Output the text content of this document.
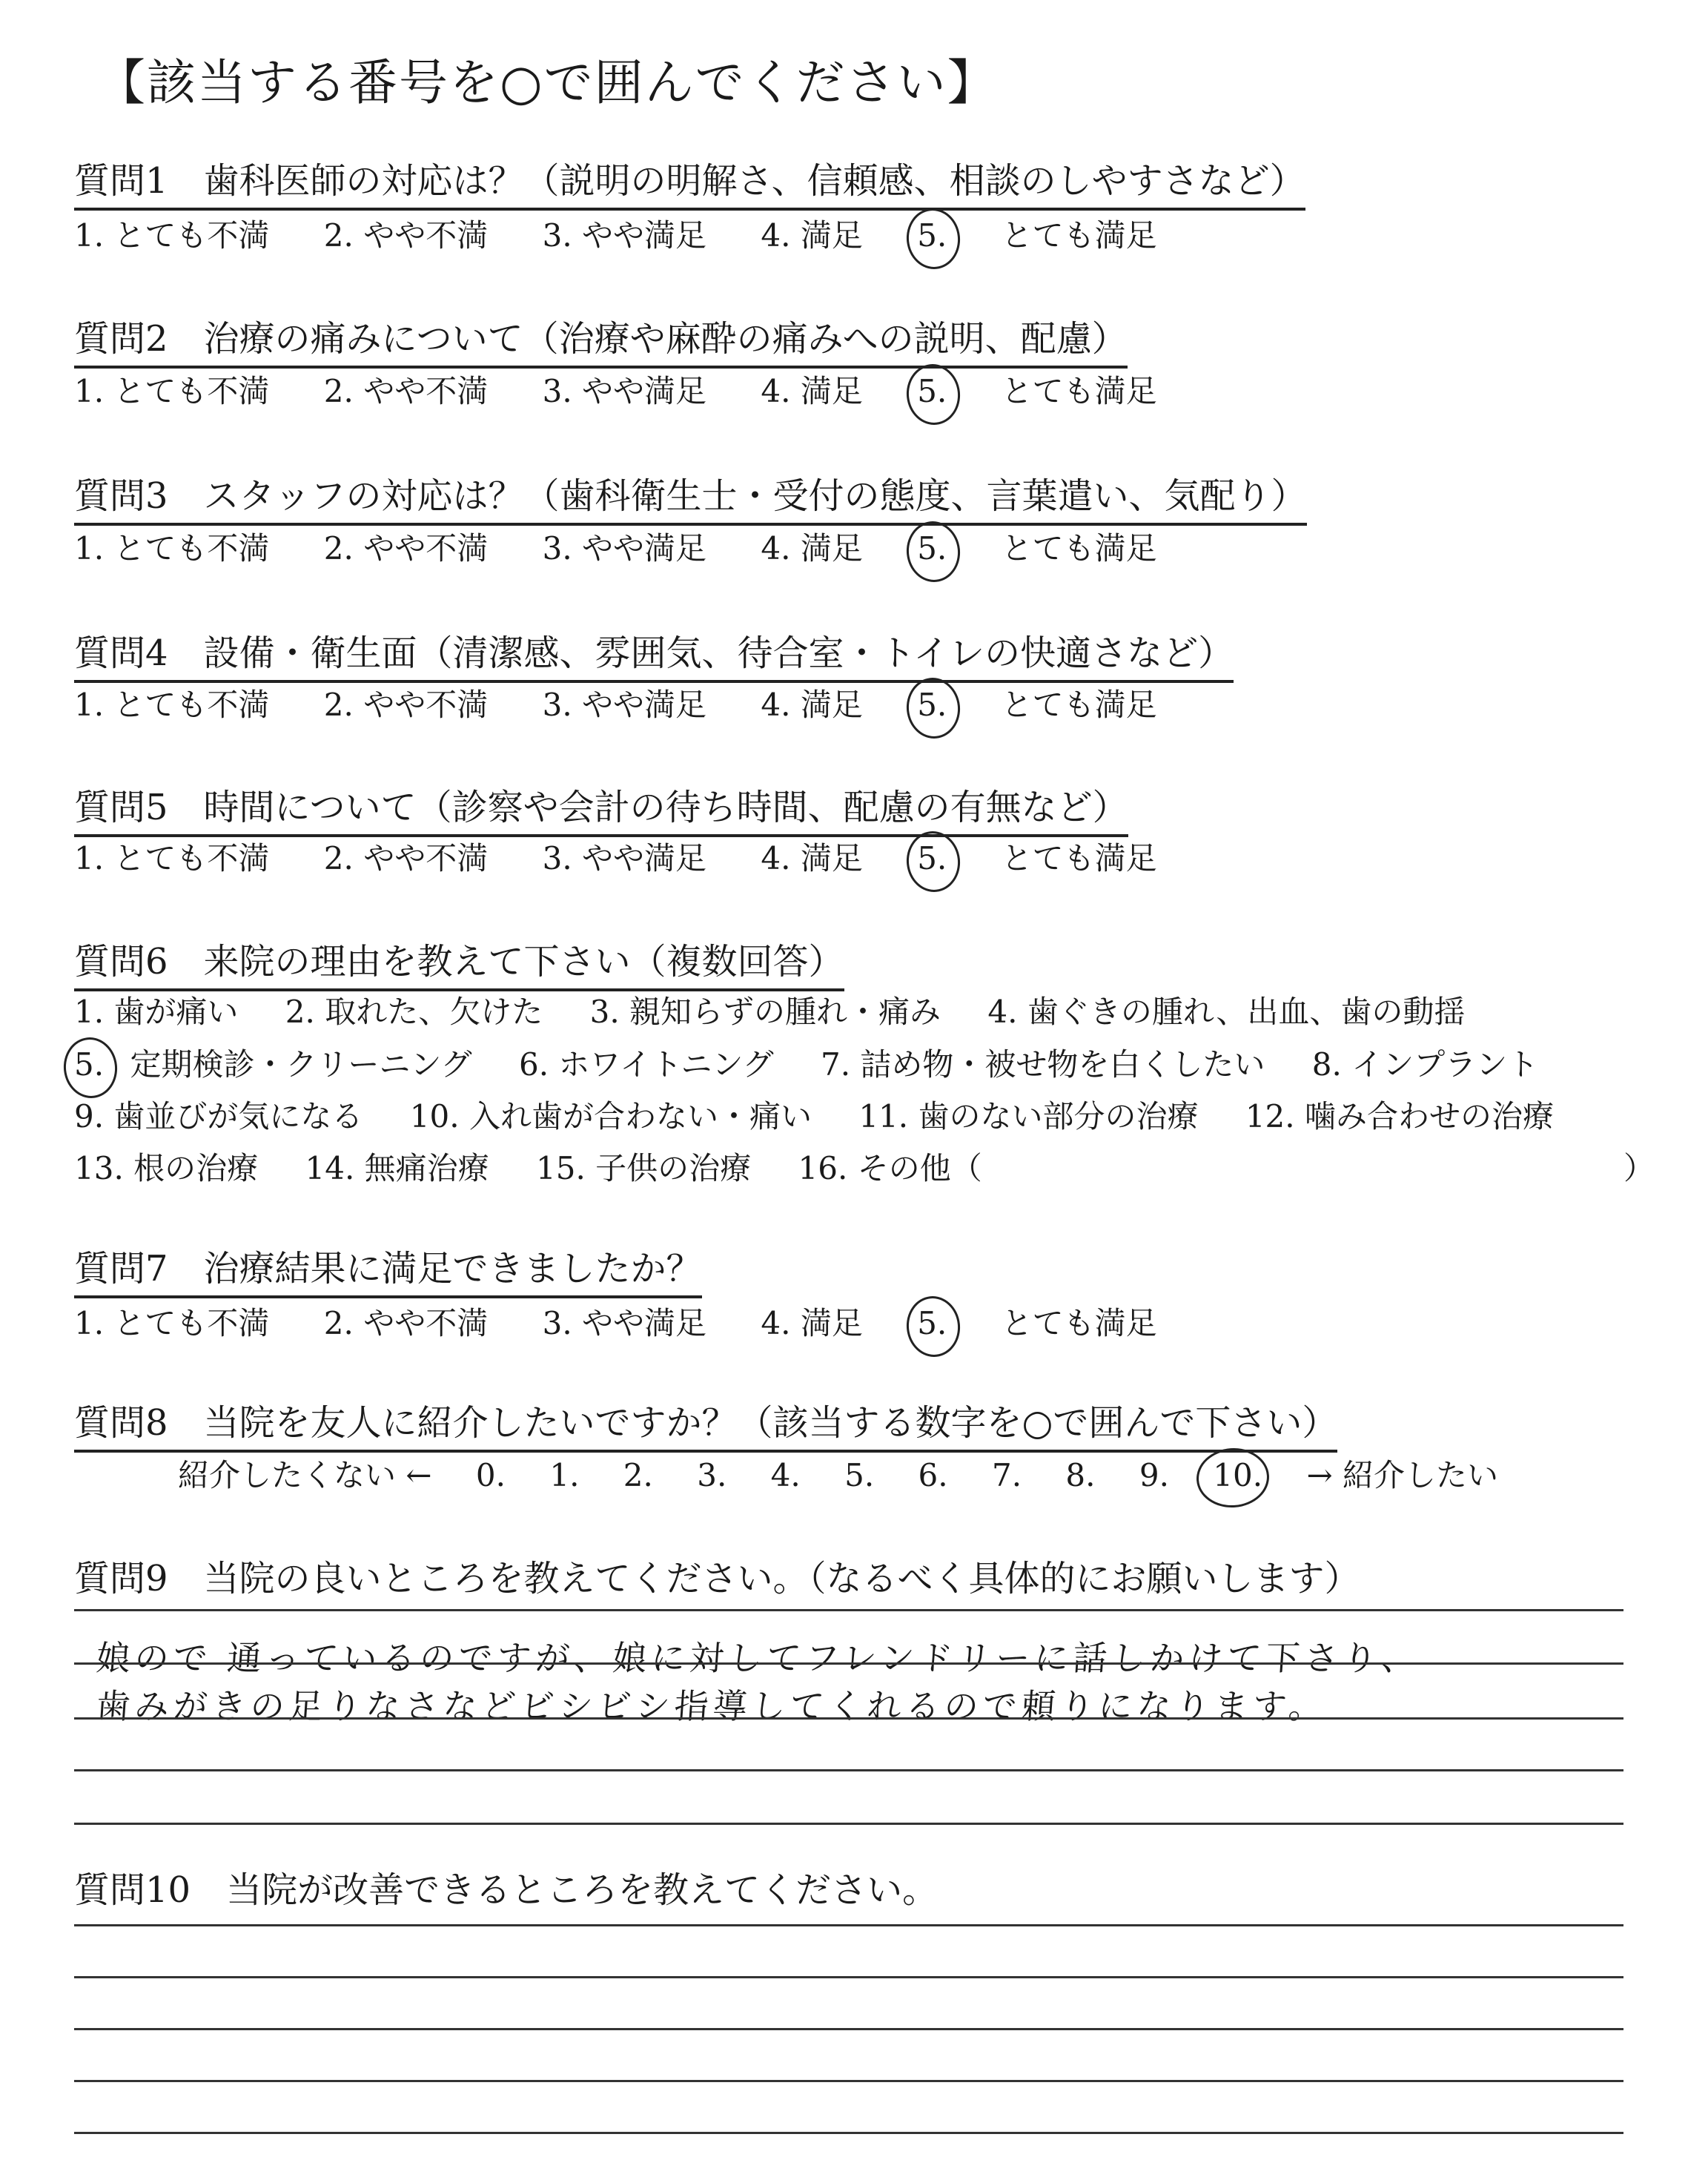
【該当する番号を○で囲んでください】
質問1 歯科医師の対応は？（説明の明解さ、信頼感、相談のしやすさなど）
1. とても不満 2. やや不満 3. やや満足 4. 満足 5. とても満足
質問2 治療の痛みについて（治療や麻酔の痛みへの説明、配慮）
1. とても不満 2. やや不満 3. やや満足 4. 満足 5. とても満足
質問3 スタッフの対応は？（歯科衛生士・受付の態度、言葉遣い、気配り）
1. とても不満 2. やや不満 3. やや満足 4. 満足 5. とても満足
質問4 設備・衛生面（清潔感、雰囲気、待合室・トイレの快適さなど）
1. とても不満 2. やや不満 3. やや満足 4. 満足 5. とても満足
質問5 時間について（診察や会計の待ち時間、配慮の有無など）
1. とても不満 2. やや不満 3. やや満足 4. 満足 5. とても満足
質問6 来院の理由を教えて下さい（複数回答）
1. 歯が痛い 2. 取れた、欠けた 3. 親知らずの腫れ・痛み 4. 歯ぐきの腫れ、出血、歯の動揺
5. 定期検診・クリーニング 6. ホワイトニング 7. 詰め物・被せ物を白くしたい 8. インプラント
9. 歯並びが気になる 10. 入れ歯が合わない・痛い 11. 歯のない部分の治療 12. 噛み合わせの治療
13. 根の治療 14. 無痛治療 15. 子供の治療 16. その他（	）
質問7 治療結果に満足できましたか？
1. とても不満 2. やや不満 3. やや満足 4. 満足 5. とても満足
質問8 当院を友人に紹介したいですか？（該当する数字を○で囲んで下さい）
紹介したくない ← 0. 1. 2. 3. 4. 5. 6. 7. 8. 9. 10. → 紹介したい
質問9 当院の良いところを教えてください。（なるべく具体的にお願いします）
娘ので 通っているのですが、娘に対してフレンドリーに話しかけて下さり、
歯みがきの足りなさなどビシビシ指導してくれるので頼りになります。
質問10 当院が改善できるところを教えてください。
